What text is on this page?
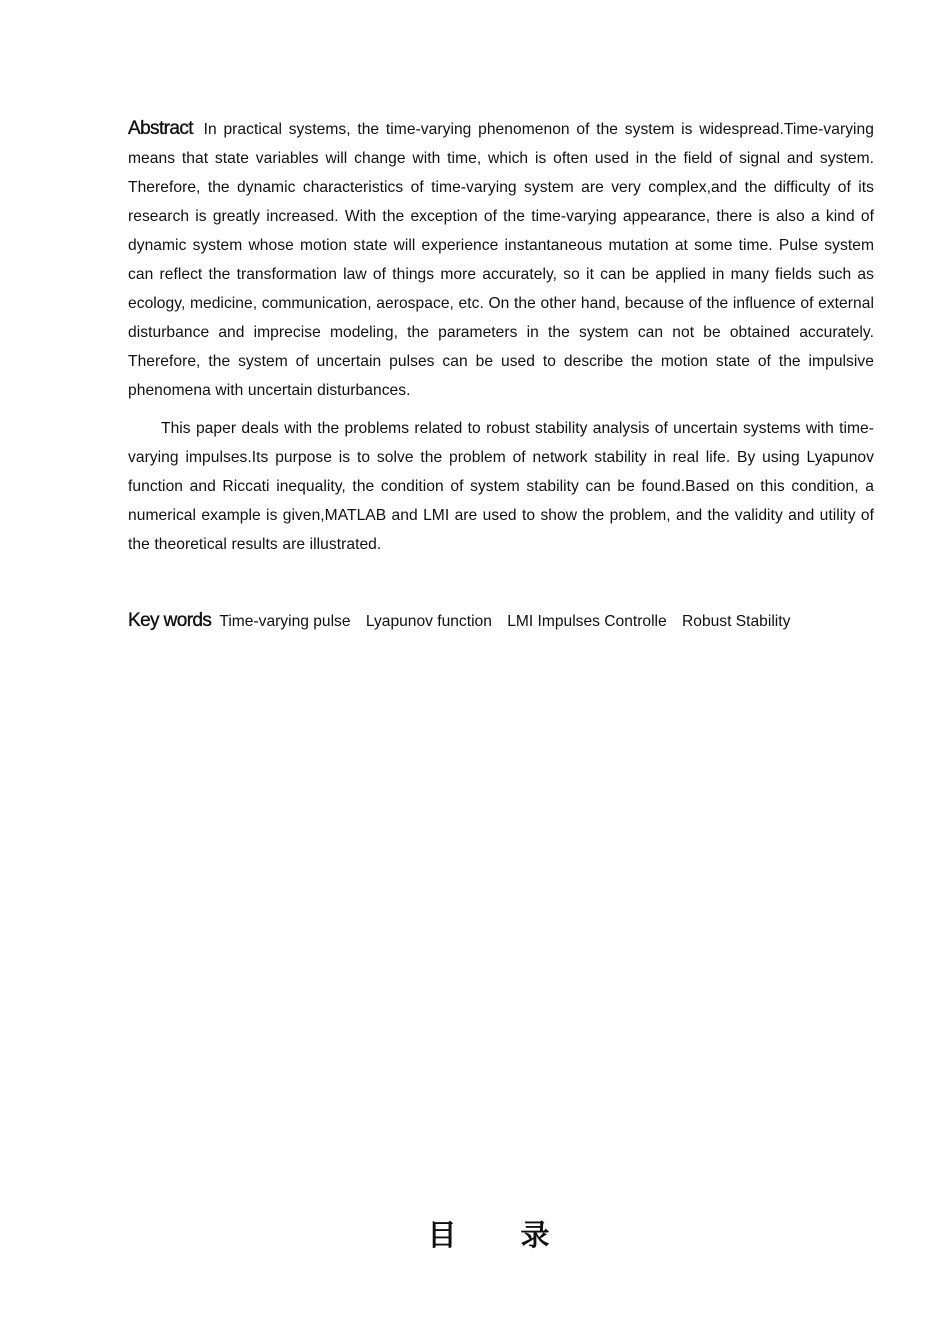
Abstract In practical systems, the time-varying phenomenon of the system is widespread.Time-varying means that state variables will change with time, which is often used in the field of signal and system. Therefore, the dynamic characteristics of time-varying system are very complex,and the difficulty of its research is greatly increased. With the exception of the time-varying appearance, there is also a kind of dynamic system whose motion state will experience instantaneous mutation at some time. Pulse system can reflect the transformation law of things more accurately, so it can be applied in many fields such as ecology, medicine, communication, aerospace, etc. On the other hand, because of the influence of external disturbance and imprecise modeling, the parameters in the system can not be obtained accurately. Therefore, the system of uncertain pulses can be used to describe the motion state of the impulsive phenomena with uncertain disturbances.

This paper deals with the problems related to robust stability analysis of uncertain systems with time-varying impulses.Its purpose is to solve the problem of network stability in real life. By using Lyapunov function and Riccati inequality, the condition of system stability can be found.Based on this condition, a numerical example is given,MATLAB and LMI are used to show the problem, and the validity and utility of the theoretical results are illustrated.

Key words Time-varying pulse Lyapunov function LMI Impulses Controlle Robust Stability
目 录
